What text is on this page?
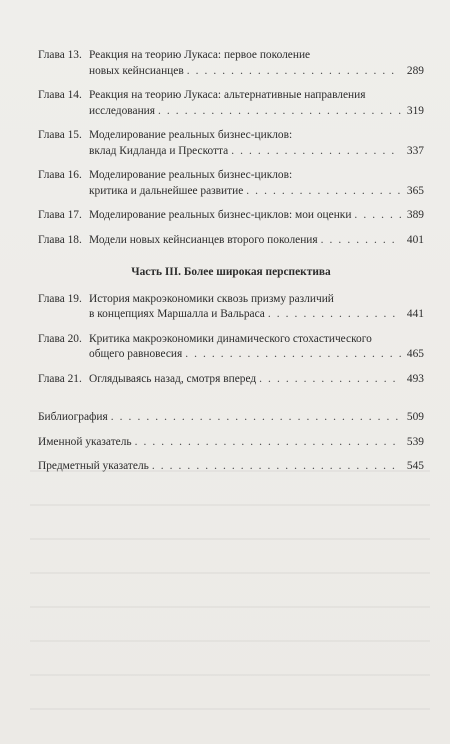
Глава 13. Реакция на теорию Лукаса: первое поколение
новых кейнсианцев . . .	289
Глава 14. Реакция на теорию Лукаса: альтернативные направления
исследования . . .	319
Глава 15. Моделирование реальных бизнес-циклов:
вклад Кидланда и Прескотта . . .	337
Глава 16. Моделирование реальных бизнес-циклов:
критика и дальнейшее развитие . . .	365
Глава 17. Моделирование реальных бизнес-циклов: мои оценки . . .	389
Глава 18. Модели новых кейнсианцев второго поколения . . .	401
Часть III. Более широкая перспектива
Глава 19. История макроэкономики сквозь призму различий
в концепциях Маршалла и Вальраса . . .	441
Глава 20. Критика макроэкономики динамического стохастического
общего равновесия . . .	465
Глава 21. Оглядываясь назад, смотря вперед . . .	493
Библиография . . .	509
Именной указатель . . .	539
Предметный указатель . . .	545
